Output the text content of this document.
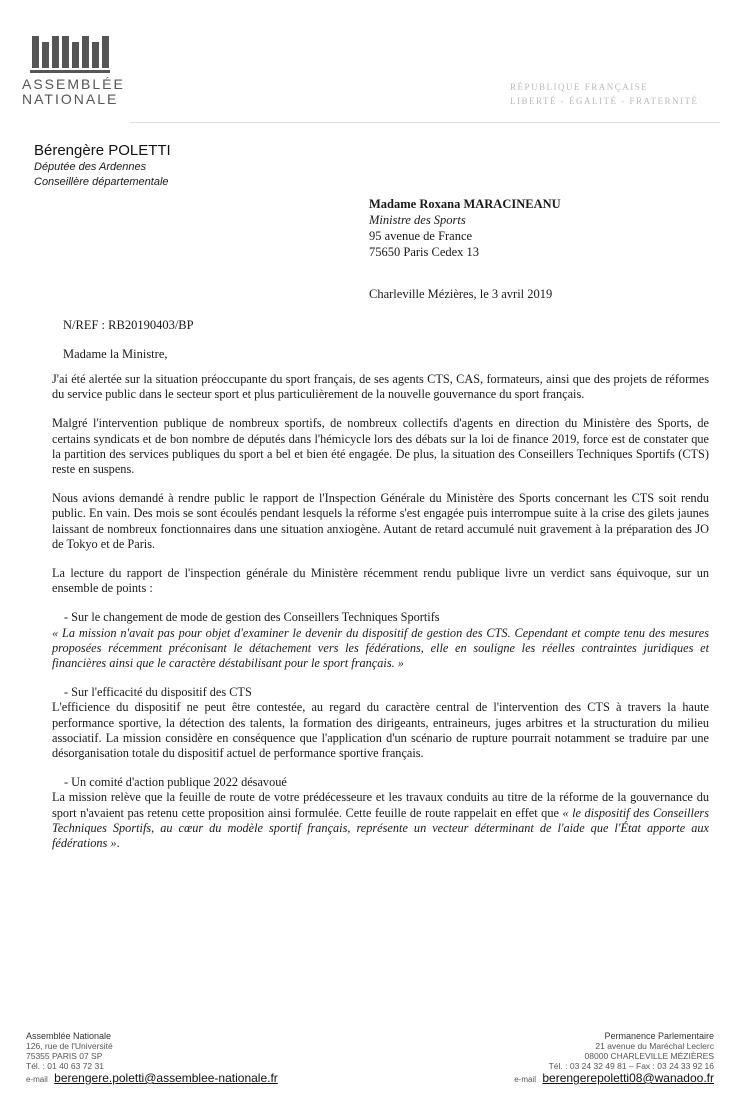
ASSEMBLÉE
NATIONALE
RÉPUBLIQUE FRANÇAISE
LIBERTÉ - ÉGALITÉ - FRATERNITÉ
Bérengère POLETTI
Députée des Ardennes
Conseillère départementale
Madame Roxana MARACINEANU
Ministre des Sports
95 avenue de France
75650 Paris Cedex 13
Charleville Mézières, le 3 avril 2019
N/REF : RB20190403/BP
Madame la Ministre,

J'ai été alertée sur la situation préoccupante du sport français, de ses agents CTS, CAS, formateurs, ainsi que des projets de réformes du service public dans le secteur sport et plus particulièrement de la nouvelle gouvernance du sport français.

Malgré l'intervention publique de nombreux sportifs, de nombreux collectifs d'agents en direction du Ministère des Sports, de certains syndicats et de bon nombre de députés dans l'hémicycle lors des débats sur la loi de finance 2019, force est de constater que la partition des services publiques du sport a bel et bien été engagée. De plus, la situation des Conseillers Techniques Sportifs (CTS) reste en suspens.

Nous avions demandé à rendre public le rapport de l'Inspection Générale du Ministère des Sports concernant les CTS soit rendu public. En vain. Des mois se sont écoulés pendant lesquels la réforme s'est engagée puis interrompue suite à la crise des gilets jaunes laissant de nombreux fonctionnaires dans une situation anxiogène. Autant de retard accumulé nuit gravement à la préparation des JO de Tokyo et de Paris.

La lecture du rapport de l'inspection générale du Ministère récemment rendu publique livre un verdict sans équivoque, sur un ensemble de points :

- Sur le changement de mode de gestion des Conseillers Techniques Sportifs

« La mission n'avait pas pour objet d'examiner le devenir du dispositif de gestion des CTS. Cependant et compte tenu des mesures proposées récemment préconisant le détachement vers les fédérations, elle en souligne les réelles contraintes juridiques et financières ainsi que le caractère déstabilisant pour le sport français. »

- Sur l'efficacité du dispositif des CTS

L'efficience du dispositif ne peut être contestée, au regard du caractère central de l'intervention des CTS à travers la haute performance sportive, la détection des talents, la formation des dirigeants, entraineurs, juges arbitres et la structuration du milieu associatif. La mission considère en conséquence que l'application d'un scénario de rupture pourrait notamment se traduire par une désorganisation totale du dispositif actuel de performance sportive français.

- Un comité d'action publique 2022 désavoué

La mission relève que la feuille de route de votre prédécesseure et les travaux conduits au titre de la réforme de la gouvernance du sport n'avaient pas retenu cette proposition ainsi formulée. Cette feuille de route rappelait en effet que « le dispositif des Conseillers Techniques Sportifs, au cœur du modèle sportif français, représente un vecteur déterminant de l'aide que l'État apporte aux fédérations ».

Assemblée Nationale
126, rue de l'Université
75355 PARIS 07 SP
Tél. : 01 40 63 72 31
e-mail berengere.poletti@assemblee-nationale.fr
Permanence Parlementaire
21 avenue du Maréchal Leclerc
08000 CHARLEVILLE MÉZIÈRES
Tél. : 03 24 32 49 81 – Fax : 03 24 33 92 16
e-mail berengerepoletti08@wanadoo.fr
